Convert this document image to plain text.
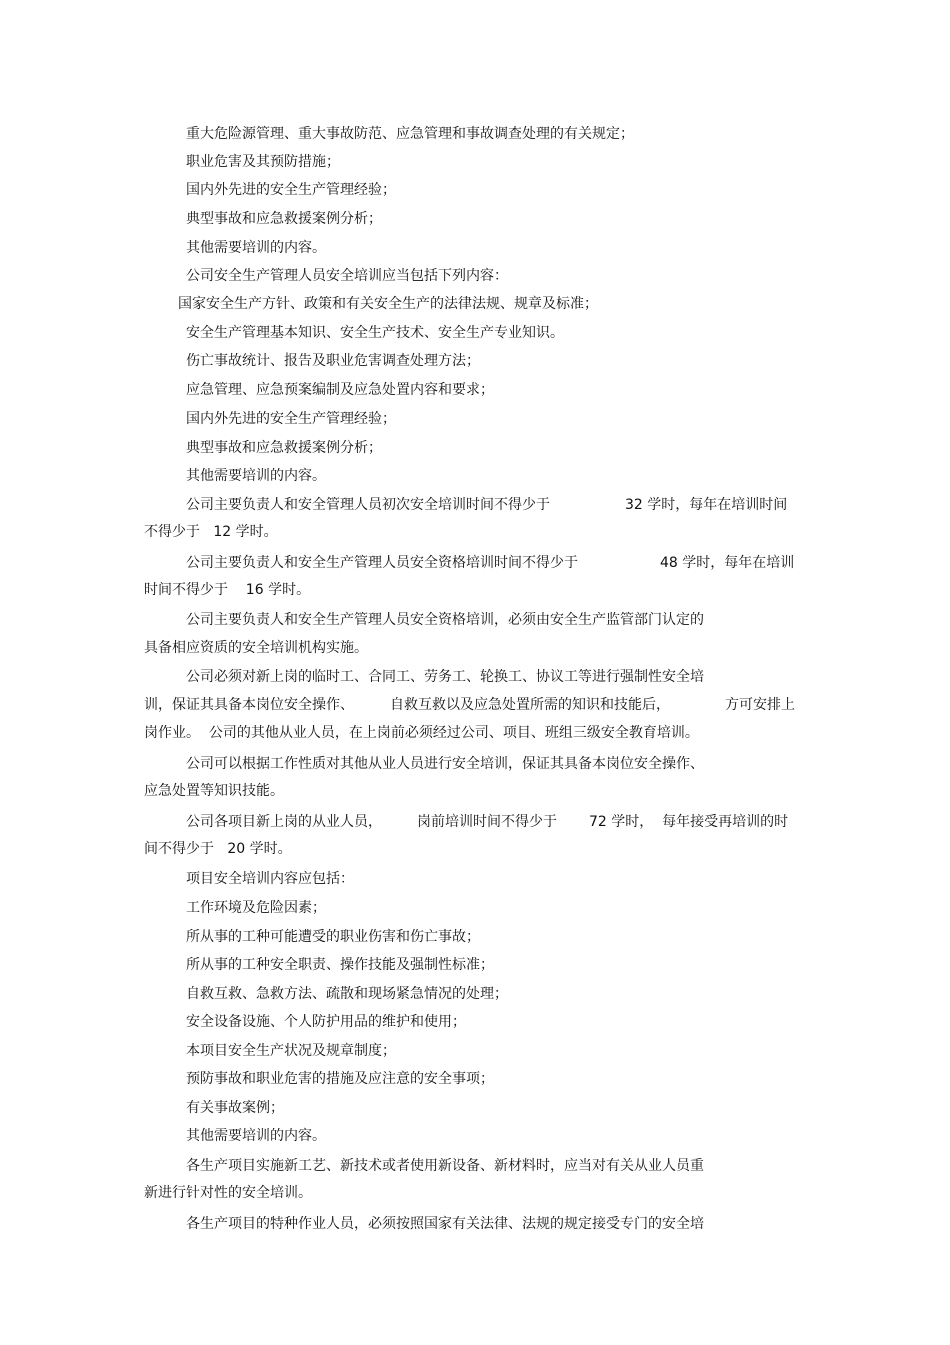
重大危险源管理、重大事故防范、应急管理和事故调查处理的有关规定；

职业危害及其预防措施；

国内外先进的安全生产管理经验；

典型事故和应急救援案例分析；

其他需要培训的内容。

公司安全生产管理人员安全培训应当包括下列内容：

国家安全生产方针、政策和有关安全生产的法律法规、规章及标准；

安全生产管理基本知识、安全生产技术、安全生产专业知识。

伤亡事故统计、报告及职业危害调查处理方法；

应急管理、应急预案编制及应急处置内容和要求；

国内外先进的安全生产管理经验；

典型事故和应急救援案例分析；

其他需要培训的内容。

公司主要负责人和安全管理人员初次安全培训时间不得少于	32 学时，每年在培训时间

不得少于   12 学时。

公司主要负责人和安全生产管理人员安全资格培训时间不得少于	48 学时，每年在培训

时间不得少于    16 学时。

公司主要负责人和安全生产管理人员安全资格培训，必须由安全生产监管部门认定的

具备相应资质的安全培训机构实施。

公司必须对新上岗的临时工、合同工、劳务工、轮换工、协议工等进行强制性安全培

训，保证其具备本岗位安全操作、	自救互救以及应急处置所需的知识和技能后，	方可安排上

岗作业。  公司的其他从业人员，在上岗前必须经过公司、项目、班组三级安全教育培训。

公司可以根据工作性质对其他从业人员进行安全培训，保证其具备本岗位安全操作、

应急处置等知识技能。

公司各项目新上岗的从业人员，	岗前培训时间不得少于 72 学时，  每年接受再培训的时

间不得少于   20 学时。

项目安全培训内容应包括：

工作环境及危险因素；

所从事的工种可能遭受的职业伤害和伤亡事故；

所从事的工种安全职责、操作技能及强制性标准；

自救互救、急救方法、疏散和现场紧急情况的处理；

安全设备设施、个人防护用品的维护和使用；

本项目安全生产状况及规章制度；

预防事故和职业危害的措施及应注意的安全事项；

有关事故案例；

其他需要培训的内容。

各生产项目实施新工艺、新技术或者使用新设备、新材料时，应当对有关从业人员重

新进行针对性的安全培训。

各生产项目的特种作业人员，必须按照国家有关法律、法规的规定接受专门的安全培
